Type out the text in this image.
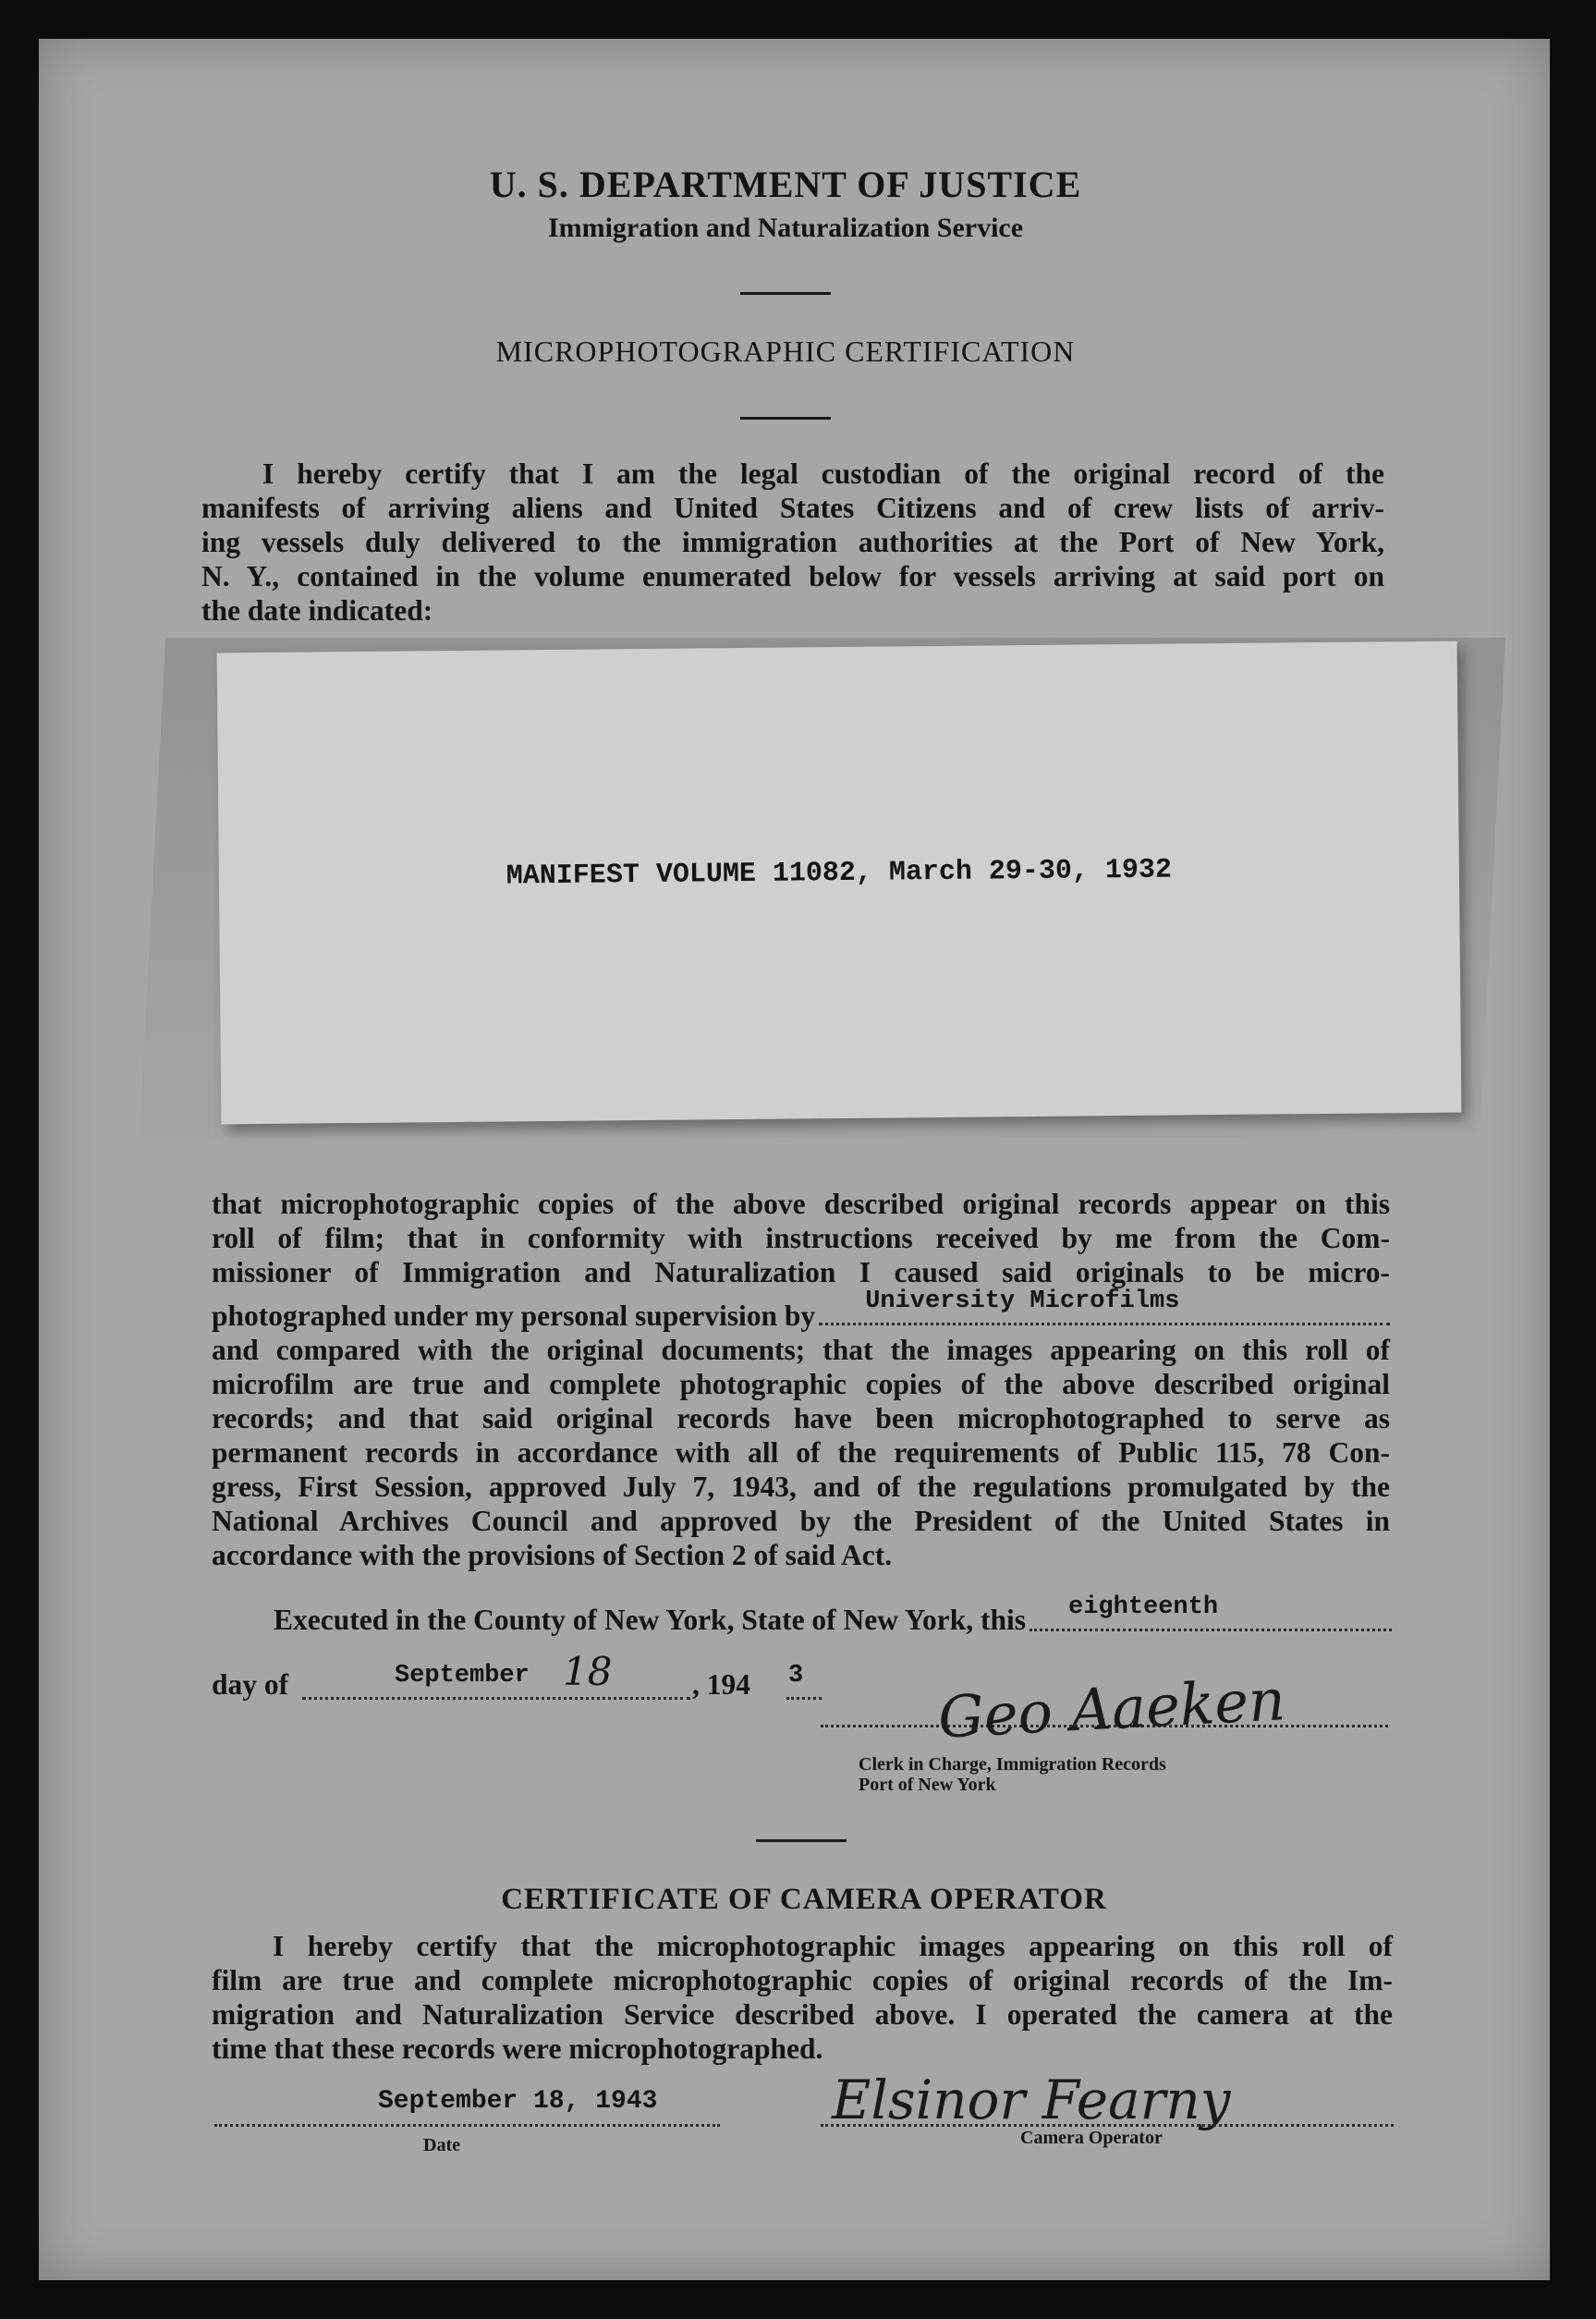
U. S. DEPARTMENT OF JUSTICE
Immigration and Naturalization Service
MICROPHOTOGRAPHIC CERTIFICATION
I hereby certify that I am the legal custodian of the original record of the
manifests of arriving aliens and United States Citizens and of crew lists of arriv-
ing vessels duly delivered to the immigration authorities at the Port of New York,
N. Y., contained in the volume enumerated below for vessels arriving at said port on
the date indicated:
MANIFEST VOLUME 11082, March 29-30, 1932
that microphotographic copies of the above described original records appear on this
roll of film; that in conformity with instructions received by me from the Com-
missioner of Immigration and Naturalization I caused said originals to be micro-
photographed under my personal supervision by University Microfilms
and compared with the original documents; that the images appearing on this roll of
microfilm are true and complete photographic copies of the above described original
records; and that said original records have been microphotographed to serve as
permanent records in accordance with all of the requirements of Public 115, 78 Con-
gress, First Session, approved July 7, 1943, and of the regulations promulgated by the
National Archives Council and approved by the President of the United States in
accordance with the provisions of Section 2 of said Act.
Executed in the County of New York, State of New York, this eighteenth
day of	September 18	, 194 3 Geo Aaeken
Clerk in Charge, Immigration Records
Port of New York
CERTIFICATE OF CAMERA OPERATOR
I hereby certify that the microphotographic images appearing on this roll of
film are true and complete microphotographic copies of original records of the Im-
migration and Naturalization Service described above. I operated the camera at the
time that these records were microphotographed.
September 18, 1943
Date
Elsinor Fearny
Camera Operator
